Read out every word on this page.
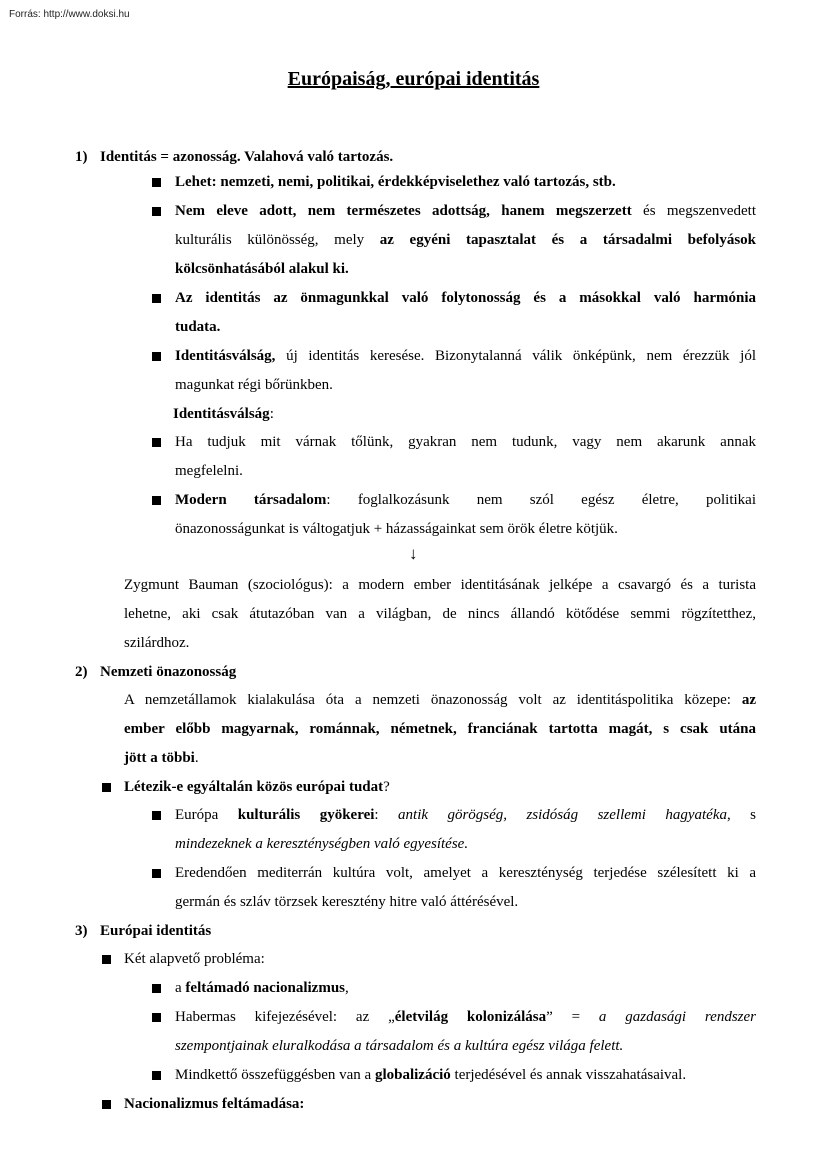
Forrás: http://www.doksi.hu
Európaiság, európai identitás
1) Identitás = azonosság. Valahová való tartozás.
Lehet: nemzeti, nemi, politikai, érdekképviselethez való tartozás, stb.
Nem eleve adott, nem természetes adottság, hanem megszerzett és megszenvedett
kulturális különösség, mely az egyéni tapasztalat és a társadalmi befolyások
kölcsönhatásából alakul ki.
Az identitás az önmagunkkal való folytonosság és a másokkal való harmónia
tudata.
Identitásválság, új identitás keresése. Bizonytalanná válik önképünk, nem érezzük jól
magunkat régi bőrünkben.
Identitásválság:
Ha tudjuk mit várnak tőlünk, gyakran nem tudunk, vagy nem akarunk annak
megfelelni.
Modern társadalom: foglalkozásunk nem szól egész életre, politikai
önazonosságunkat is váltogatjuk + házasságainkat sem örök életre kötjük.
↓
Zygmunt Bauman (szociológus): a modern ember identitásának jelképe a csavargó és a turista
lehetne, aki csak átutazóban van a világban, de nincs állandó kötődése semmi rögzítetthez,
szilárdhoz.
2) Nemzeti önazonosság
A nemzetállamok kialakulása óta a nemzeti önazonosság volt az identitáspolitika közepe: az
ember előbb magyarnak, románnak, németnek, franciának tartotta magát, s csak utána
jött a többi.
Létezik-e egyáltalán közös európai tudat?
Európa kulturális gyökerei: antik görögség, zsidóság szellemi hagyatéka, s
mindezeknek a kereszténységben való egyesítése.
Eredendően mediterrán kultúra volt, amelyet a kereszténység terjedése szélesített ki a
germán és szláv törzsek keresztény hitre való áttérésével.
3) Európai identitás
Két alapvető probléma:
a feltámadó nacionalizmus,
Habermas kifejezésével: az „életvilág kolonizálása” = a gazdasági rendszer
szempontjainak eluralkodása a társadalom és a kultúra egész világa felett.
Mindkettő összefüggésben van a globalizáció terjedésével és annak visszahatásaival.
Nacionalizmus feltámadása:
